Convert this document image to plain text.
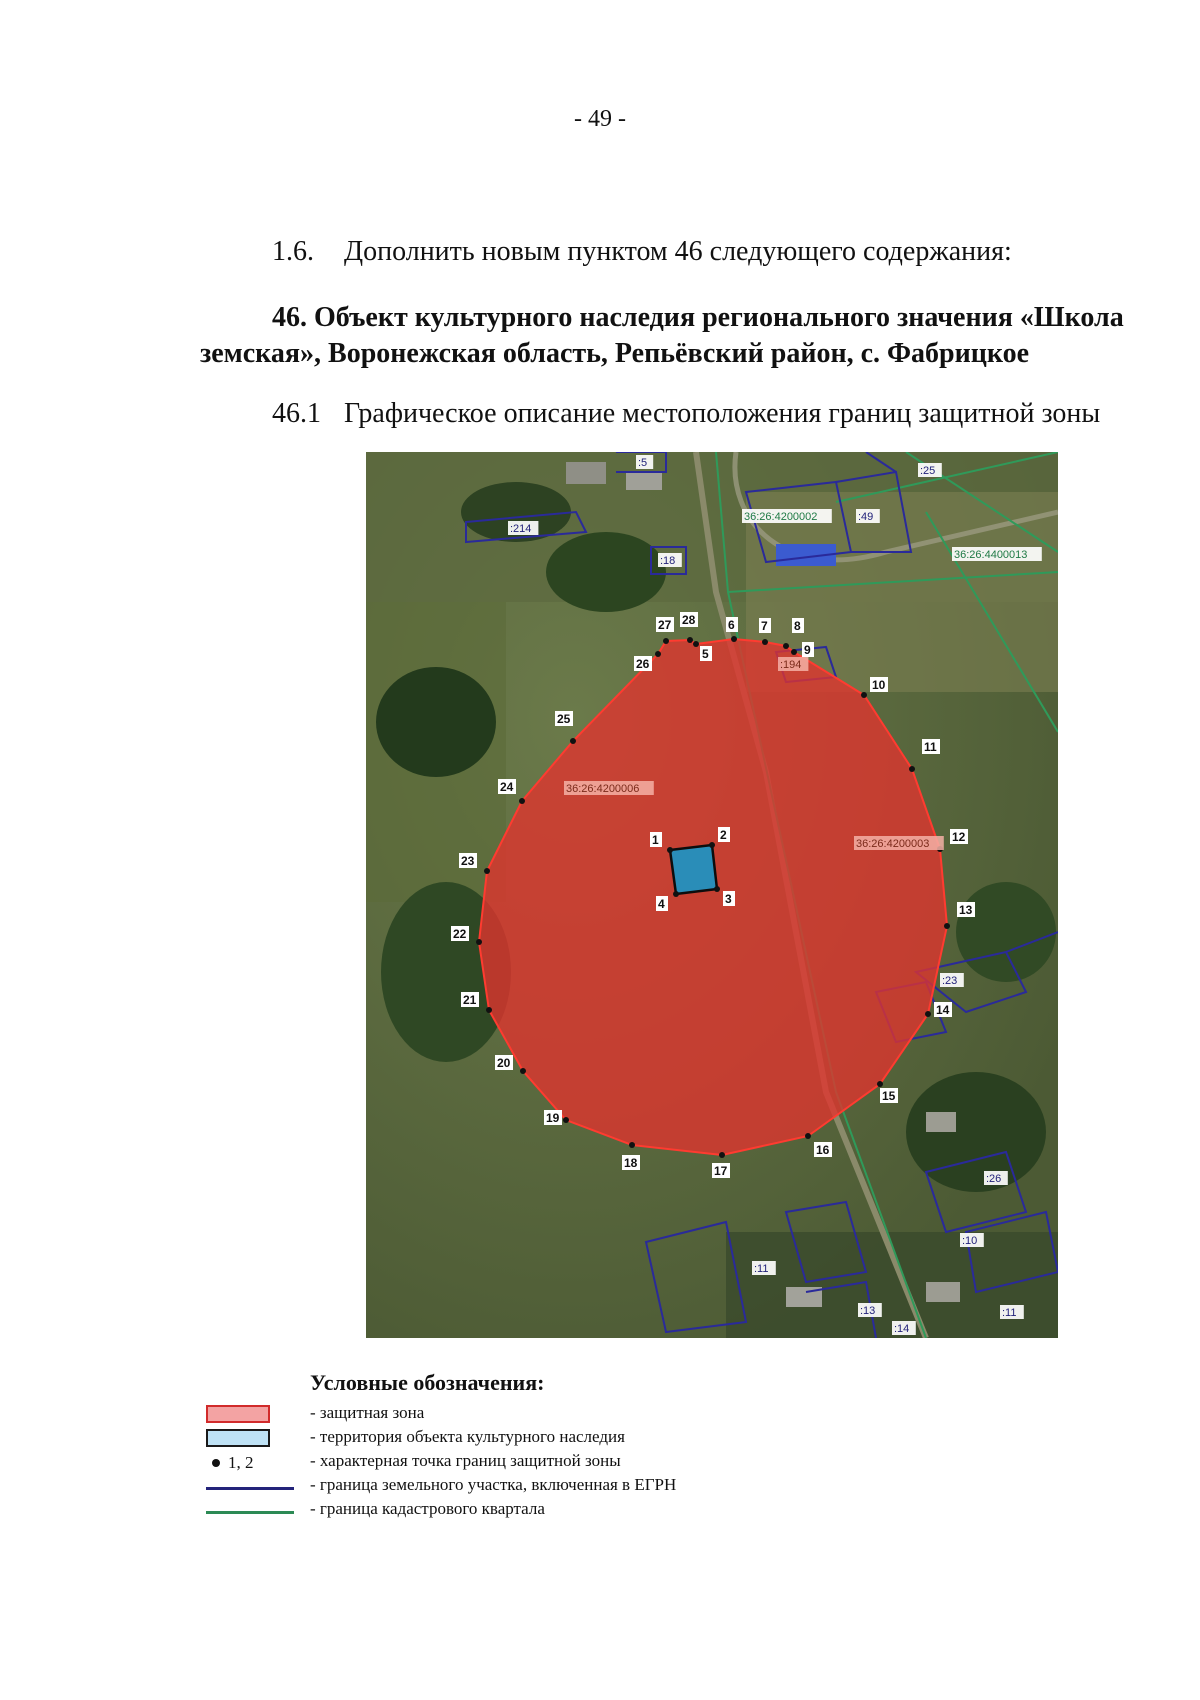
- 49 -
1.6. Дополнить новым пунктом 46 следующего содержания:
46. Объект культурного наследия регионального значения «Школа земская», Воронежская область, Репьёвский район, с. Фабрицкое
46.1 Графическое описание местоположения границ защитной зоны
1	2
3
4
5
6 7 8
9
10
11
12
13
14
15
16
17
18
19
20
21
22
23
24
25
26
27 28
:5
:25
:214
36:26:4200002	:49
36:26:4400013
:18
:194
36:26:4200006
36:26:4200003
:23
:26
:10
:11
:13
:14
:11
Условные обозначения:
- защитная зона
- территория объекта культурного наследия
1, 2	- характерная точка границ защитной зоны
- граница земельного участка, включенная в ЕГРН
- граница кадастрового квартала
